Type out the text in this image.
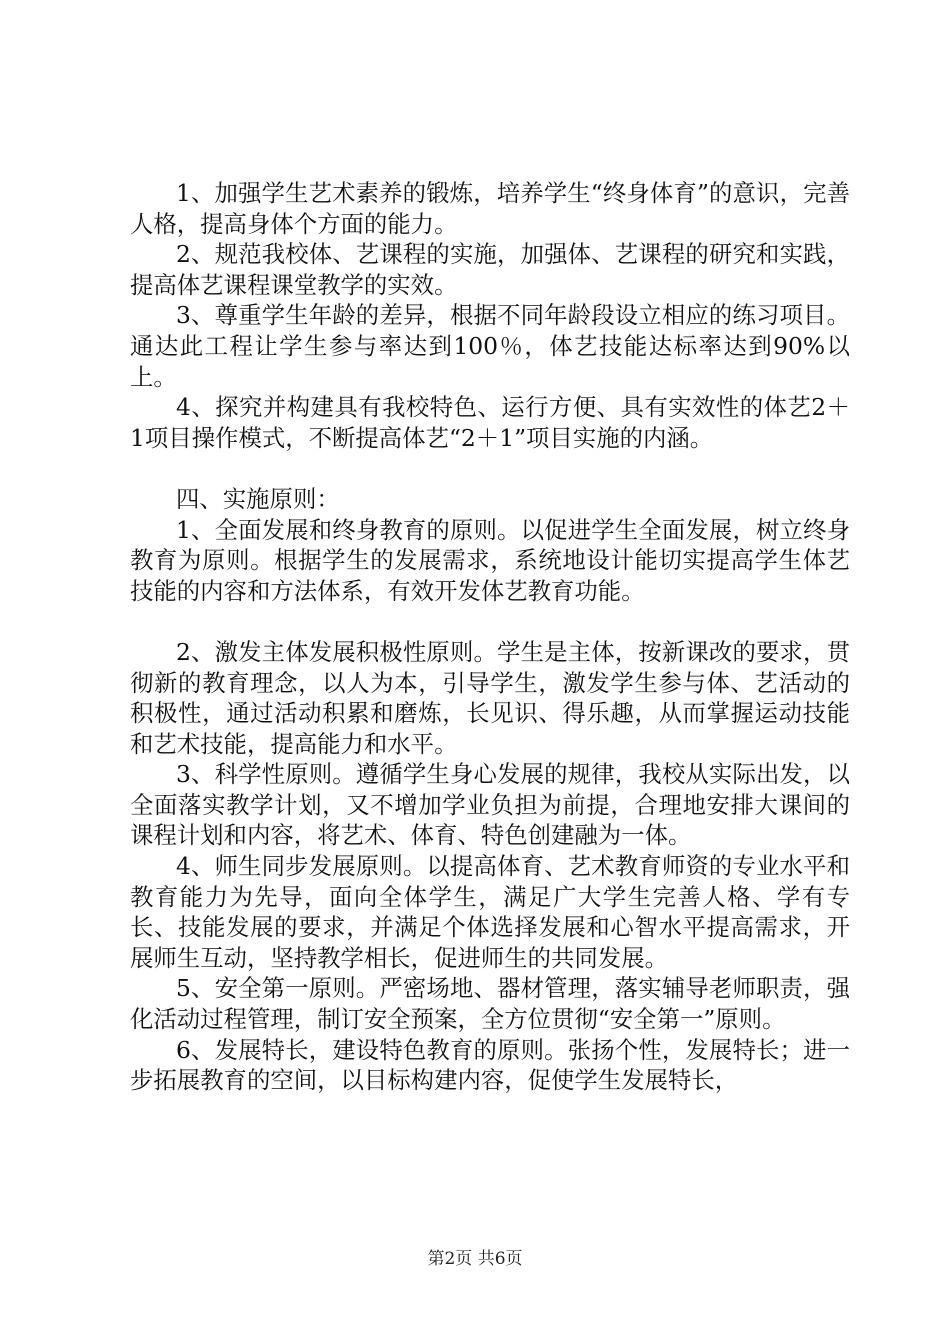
1、加强学生艺术素养的锻炼，培养学生“终身体育”的意识，完善人格，提高身体个方面的能力。

2、规范我校体、艺课程的实施，加强体、艺课程的研究和实践，提高体艺课程课堂教学的实效。

3、尊重学生年龄的差异，根据不同年龄段设立相应的练习项目。通达此工程让学生参与率达到100％，体艺技能达标率达到90%以上。

4、探究并构建具有我校特色、运行方便、具有实效性的体艺2＋1项目操作模式，不断提高体艺“2＋1”项目实施的内涵。

四、实施原则：

1、全面发展和终身教育的原则。以促进学生全面发展，树立终身教育为原则。根据学生的发展需求，系统地设计能切实提高学生体艺技能的内容和方法体系，有效开发体艺教育功能。

2、激发主体发展积极性原则。学生是主体，按新课改的要求，贯彻新的教育理念，以人为本，引导学生，激发学生参与体、艺活动的积极性，通过活动积累和磨炼，长见识、得乐趣，从而掌握运动技能和艺术技能，提高能力和水平。

3、科学性原则。遵循学生身心发展的规律，我校从实际出发，以全面落实教学计划，又不增加学业负担为前提，合理地安排大课间的课程计划和内容，将艺术、体育、特色创建融为一体。

4、师生同步发展原则。以提高体育、艺术教育师资的专业水平和教育能力为先导，面向全体学生，满足广大学生完善人格、学有专长、技能发展的要求，并满足个体选择发展和心智水平提高需求，开展师生互动，坚持教学相长，促进师生的共同发展。

5、安全第一原则。严密场地、器材管理，落实辅导老师职责，强化活动过程管理，制订安全预案，全方位贯彻“安全第一”原则。

6、发展特长，建设特色教育的原则。张扬个性，发展特长；进一步拓展教育的空间，以目标构建内容，促使学生发展特长，

第2页 共6页
